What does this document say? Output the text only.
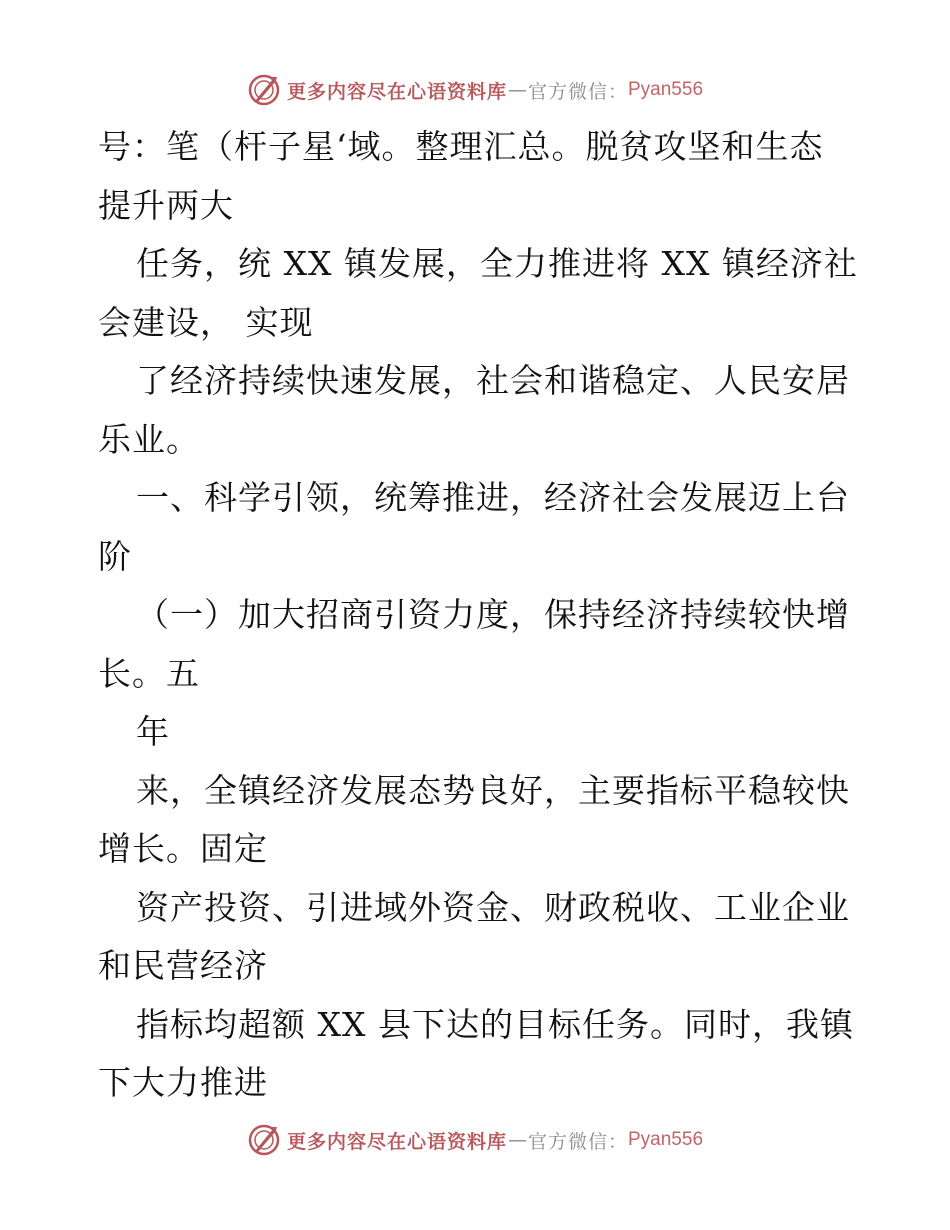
更多内容尽在心语资料库 — 官方微信： Pyan556
号：笔（杆子星‘域。整理汇总。脱贫攻坚和生态
提升两大
任务，统 XX 镇发展，全力推进将 XX 镇经济社
会建设， 实现
了经济持续快速发展，社会和谐稳定、人民安居
乐业。
一、科学引领，统筹推进，经济社会发展迈上台
阶
（一）加大招商引资力度，保持经济持续较快增
长。五
年
来，全镇经济发展态势良好，主要指标平稳较快
增长。固定
资产投资、引进域外资金、财政税收、工业企业
和民营经济
指标均超额 XX 县下达的目标任务。同时，我镇
下大力推进
更多内容尽在心语资料库 — 官方微信： Pyan556
